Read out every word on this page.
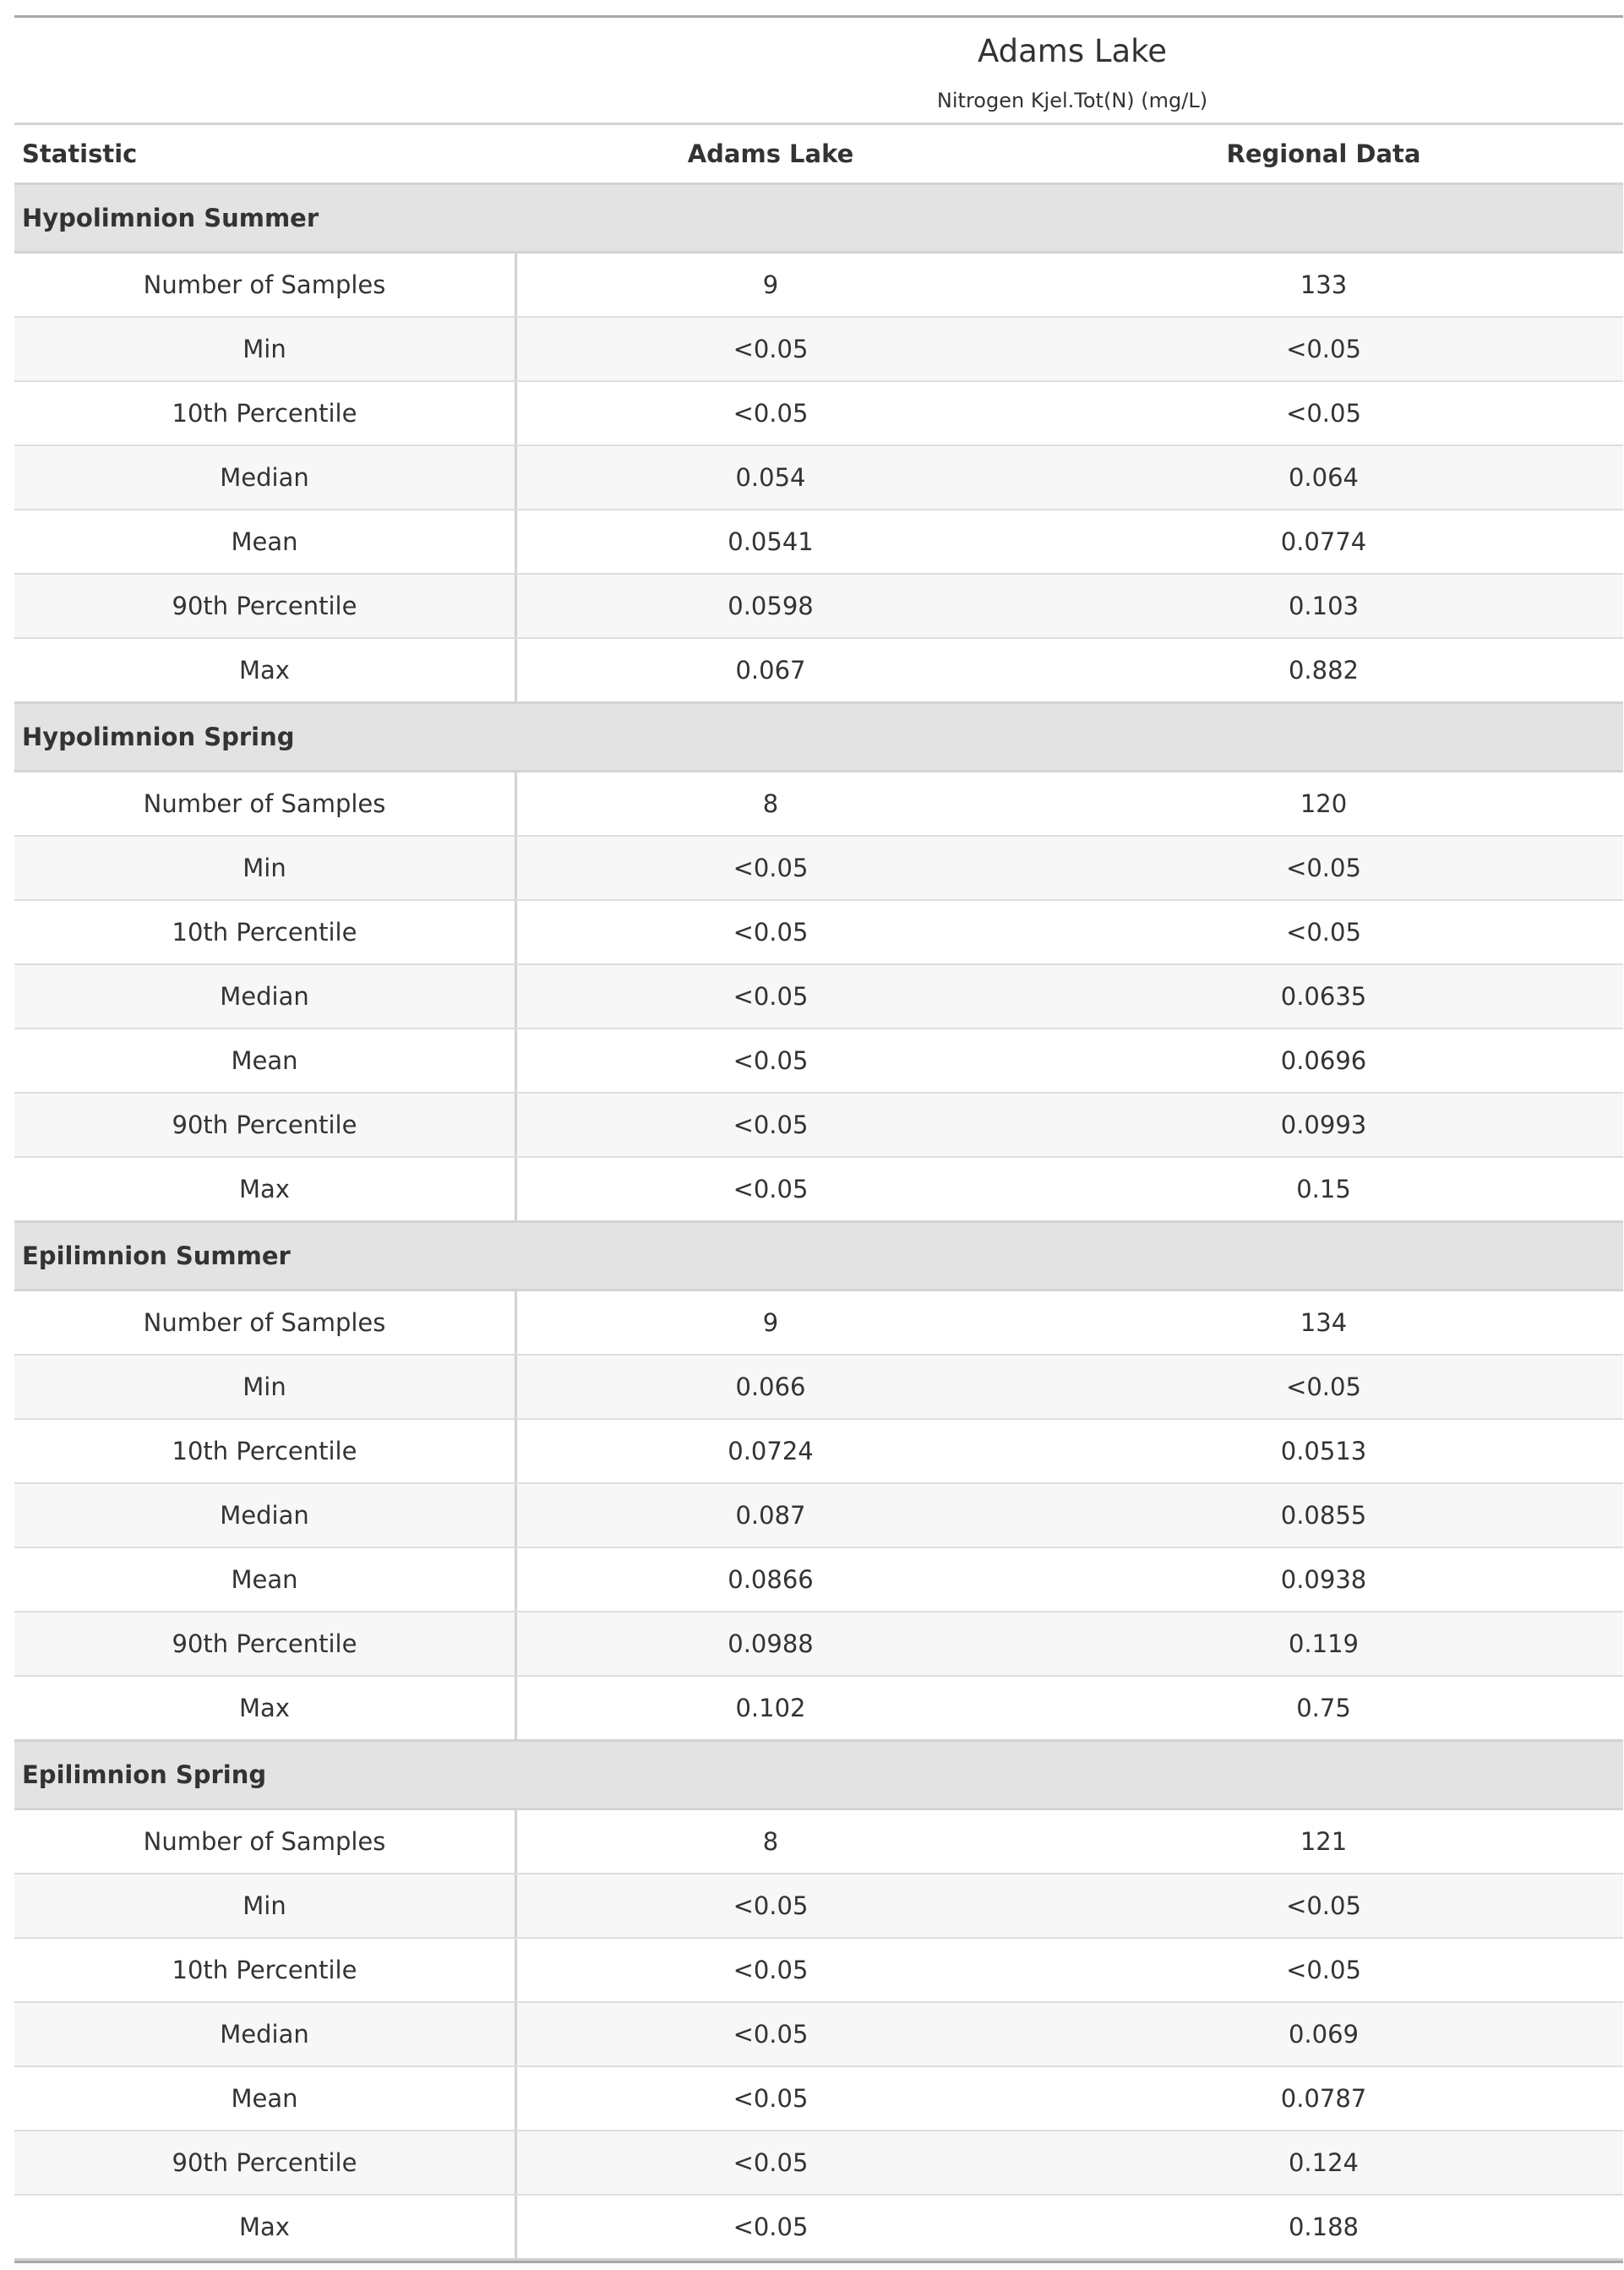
Adams Lake
Nitrogen Kjel.Tot(N) (mg/L)
Statistic	Adams Lake	Regional Data
Hypolimnion Summer
Number of Samples	9	133
Min	<0.05	<0.05
10th Percentile	<0.05	<0.05
Median	0.054	0.064
Mean	0.0541	0.0774
90th Percentile	0.0598	0.103
Max	0.067	0.882
Hypolimnion Spring
Number of Samples	8	120
Min	<0.05	<0.05
10th Percentile	<0.05	<0.05
Median	<0.05	0.0635
Mean	<0.05	0.0696
90th Percentile	<0.05	0.0993
Max	<0.05	0.15
Epilimnion Summer
Number of Samples	9	134
Min	0.066	<0.05
10th Percentile	0.0724	0.0513
Median	0.087	0.0855
Mean	0.0866	0.0938
90th Percentile	0.0988	0.119
Max	0.102	0.75
Epilimnion Spring
Number of Samples	8	121
Min	<0.05	<0.05
10th Percentile	<0.05	<0.05
Median	<0.05	0.069
Mean	<0.05	0.0787
90th Percentile	<0.05	0.124
Max	<0.05	0.188
